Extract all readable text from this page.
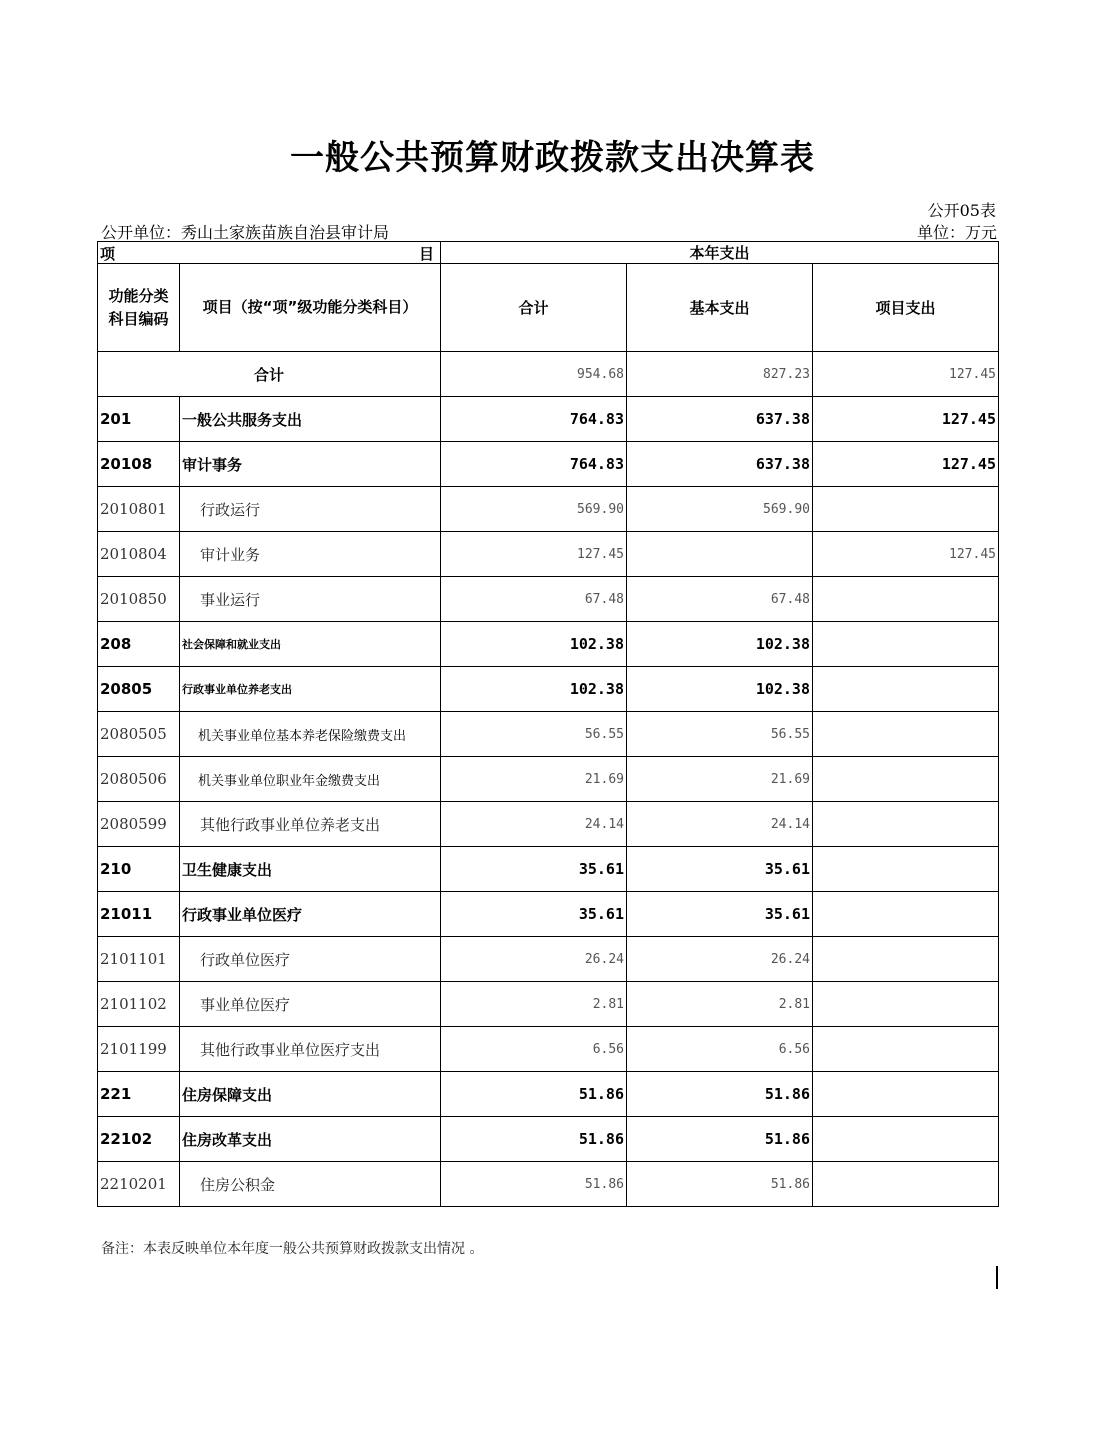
一般公共预算财政拨款支出决算表
公开05表
公开单位：秀山土家族苗族自治县审计局	单位：万元
项 目		本年支出		
功能分类
科目编码	项目（按“项”级功能分类科目）	合计	基本支出	项目支出
合计		954.68	827.23	127.45
201	一般公共服务支出	764.83	637.38	127.45
20108	审计事务	764.83	637.38	127.45
2010801	行政运行	569.90	569.90	
2010804	审计业务	127.45		127.45
2010850	事业运行	67.48	67.48	
208	社会保障和就业支出	102.38	102.38	
20805	行政事业单位养老支出	102.38	102.38	
2080505	机关事业单位基本养老保险缴费支出	56.55	56.55	
2080506	机关事业单位职业年金缴费支出	21.69	21.69	
2080599	其他行政事业单位养老支出	24.14	24.14	
210	卫生健康支出	35.61	35.61	
21011	行政事业单位医疗	35.61	35.61	
2101101	行政单位医疗	26.24	26.24	
2101102	事业单位医疗	2.81	2.81	
2101199	其他行政事业单位医疗支出	6.56	6.56	
221	住房保障支出	51.86	51.86	
22102	住房改革支出	51.86	51.86	
2210201	住房公积金	51.86	51.86	
备注：本表反映单位本年度一般公共预算财政拨款支出情况 。
